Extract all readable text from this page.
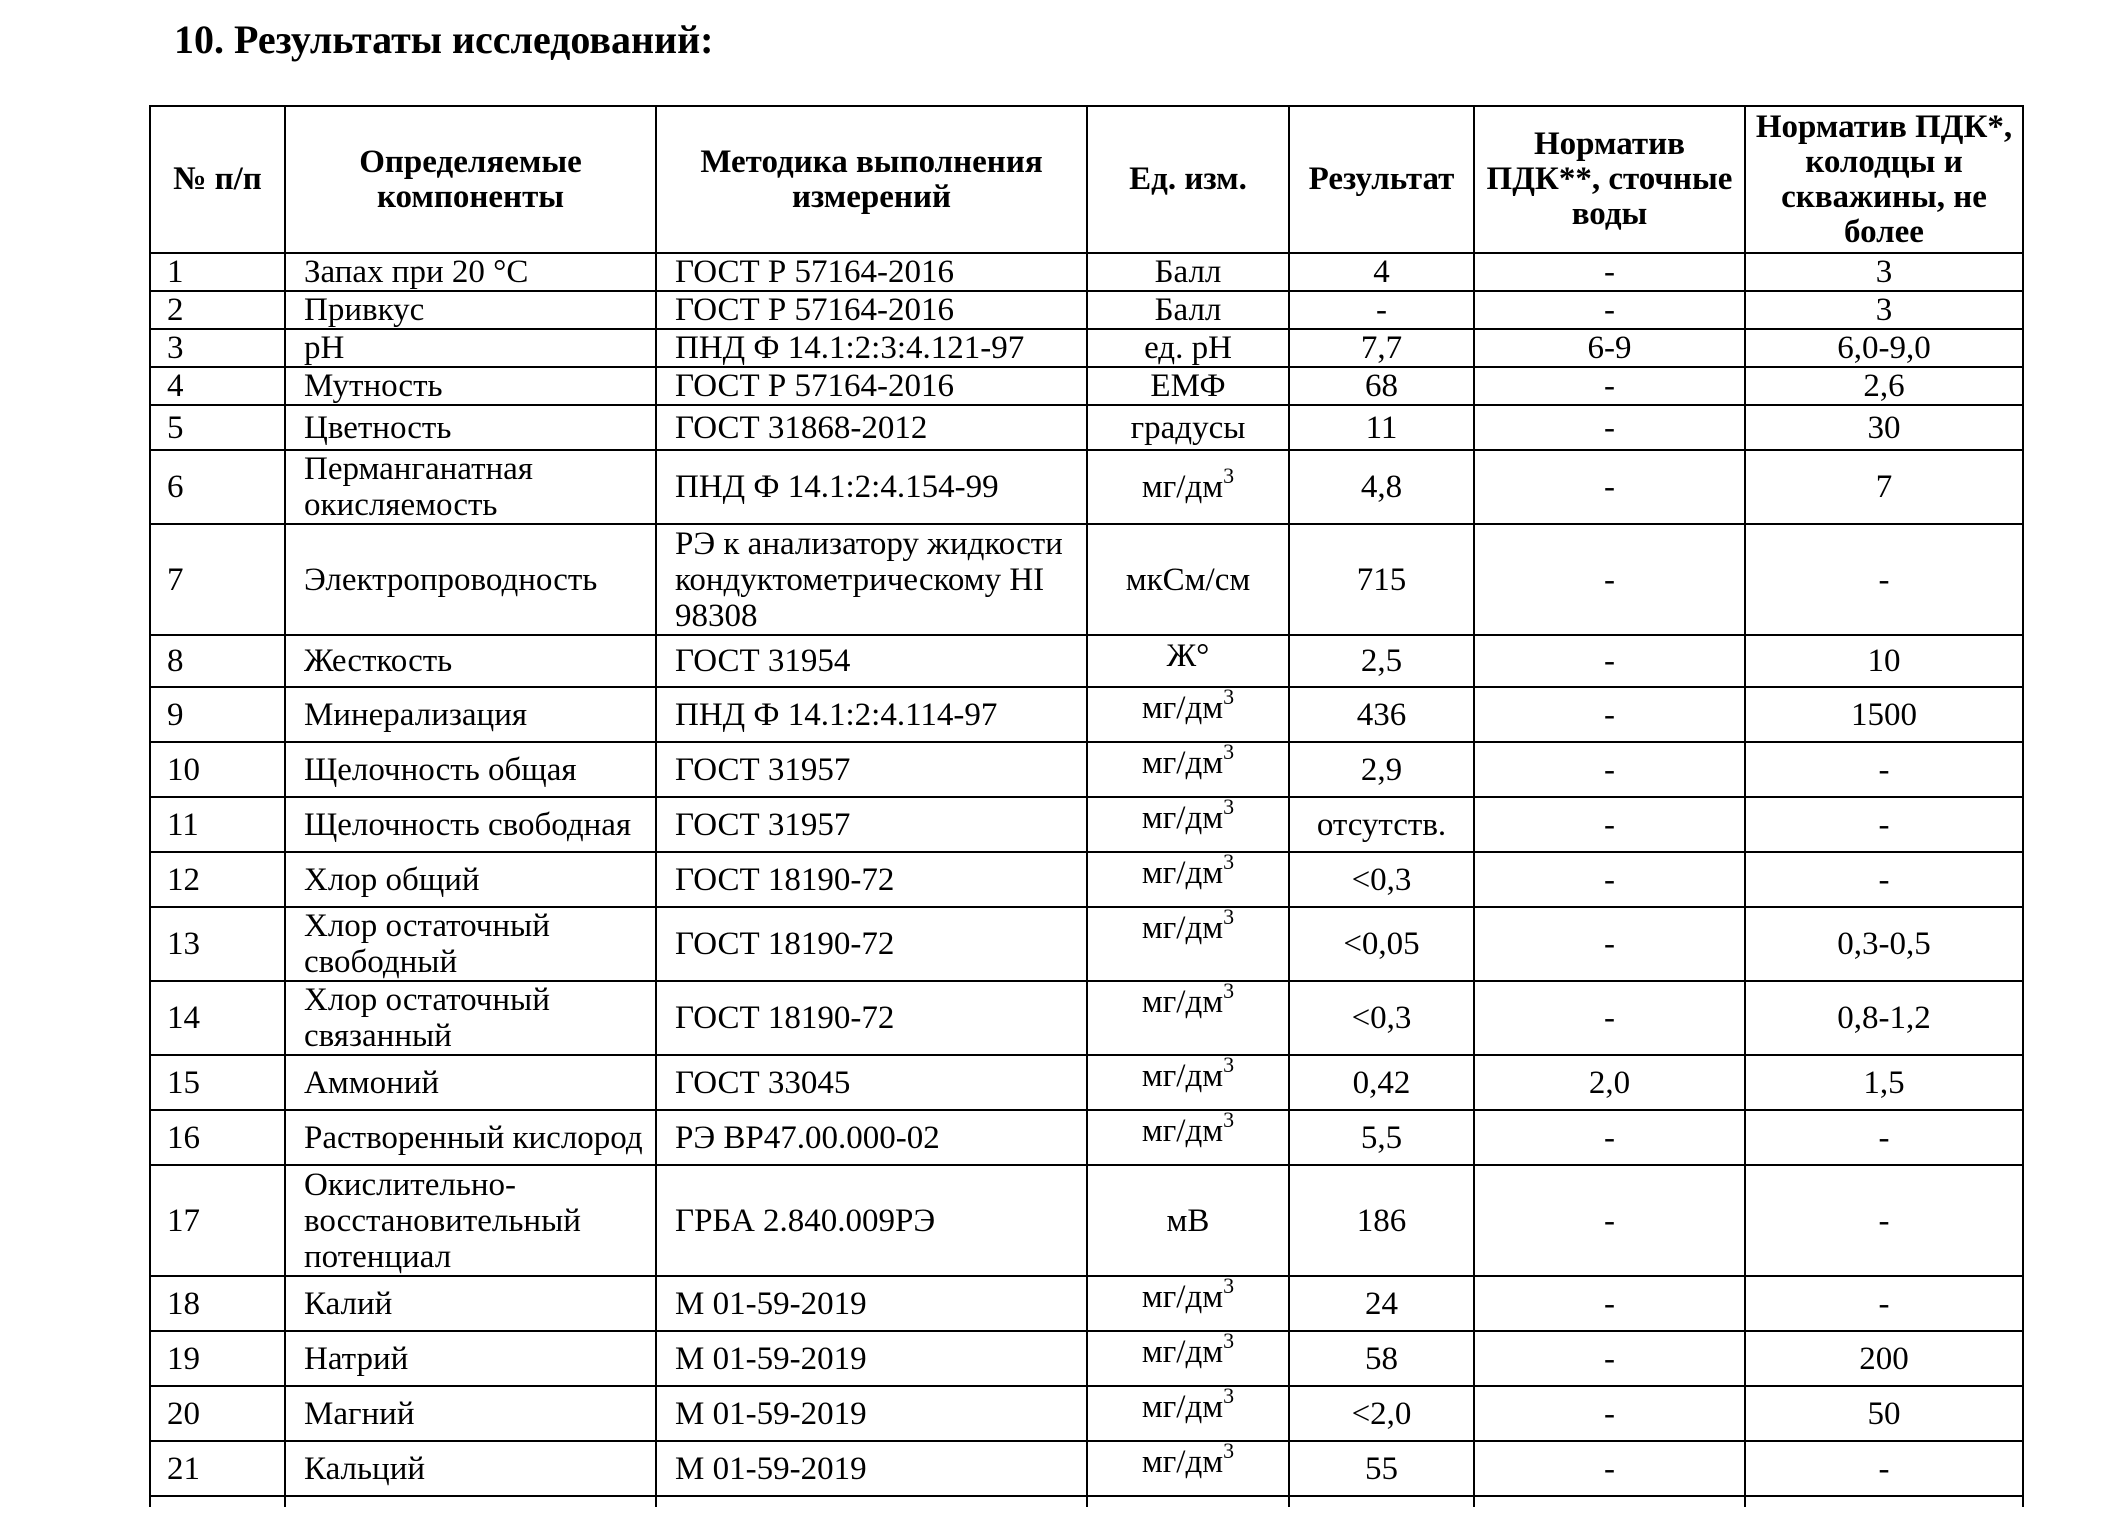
10. Результаты исследований:
№ п/п	Определяемые компоненты	Методика выполнения измерений	Ед. изм.	Результат	Норматив ПДК**, сточные воды	Норматив ПДК*, колодцы и скважины, не более
1	Запах при 20 °С	ГОСТ Р 57164-2016	Балл	4	-	3
2	Привкус	ГОСТ Р 57164-2016	Балл	-	-	3
3	pH	ПНД Ф 14.1:2:3:4.121-97	ед. pH	7,7	6-9	6,0-9,0
4	Мутность	ГОСТ Р 57164-2016	ЕМФ	68	-	2,6
5	Цветность	ГОСТ 31868-2012	градусы	11	-	30
6	Перманганатная окисляемость	ПНД Ф 14.1:2:4.154-99	$мг/дм^3$	4,8	-	7
7	Электропроводность	РЭ к анализатору жидкости кондуктометрическому HI 98308	мкСм/см	715	-	-
8	Жесткость	ГОСТ 31954	Ж°	2,5	-	10
9	Минерализация	ПНД Ф 14.1:2:4.114-97	$мг/дм^3$	436	-	1500
10	Щелочность общая	ГОСТ 31957	$мг/дм^3$	2,9	-	-
11	Щелочность свободная	ГОСТ 31957	$мг/дм^3$	отсутств.	-	-
12	Хлор общий	ГОСТ 18190-72	$мг/дм^3$	<0,3	-	-
13	Хлор остаточный свободный	ГОСТ 18190-72	$мг/дм^3$	<0,05	-	0,3-0,5
14	Хлор остаточный связанный	ГОСТ 18190-72	$мг/дм^3$	<0,3	-	0,8-1,2
15	Аммоний	ГОСТ 33045	$мг/дм^3$	0,42	2,0	1,5
16	Растворенный кислород	РЭ ВР47.00.000-02	$мг/дм^3$	5,5	-	-
17	Окислительно-восстановительный потенциал	ГРБА 2.840.009РЭ	мВ	186	-	-
18	Калий	М 01-59-2019	$мг/дм^3$	24	-	-
19	Натрий	М 01-59-2019	$мг/дм^3$	58	-	200
20	Магний	М 01-59-2019	$мг/дм^3$	<2,0	-	50
21	Кальций	М 01-59-2019	$мг/дм^3$	55	-	-
